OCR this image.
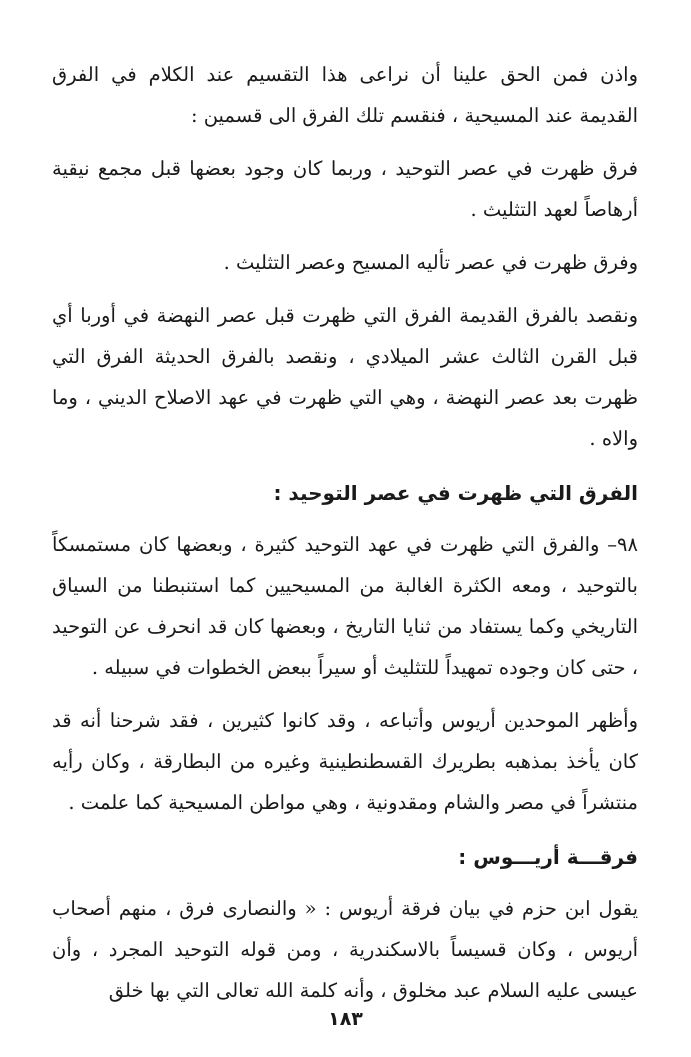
واذن فمن الحق علينا أن نراعى هذا التقسيم عند الكلام في الفرق القديمة عند المسيحية ، فنقسم تلك الفرق الى قسمين :

فرق ظهرت في عصر التوحيد ، وربما كان وجود بعضها قبل مجمع نيقية أرهاصاً لعهد التثليث .

وفرق ظهرت في عصر تأليه المسيح وعصر التثليث .

ونقصد بالفرق القديمة الفرق التي ظهرت قبل عصر النهضة في أوربا أي قبل القرن الثالث عشر الميلادي ، ونقصد بالفرق الحديثة الفرق التي ظهرت بعد عصر النهضة ، وهي التي ظهرت في عهد الاصلاح الديني ، وما والاه .

الفرق التي ظهرت في عصر التوحيد :

٩٨– والفرق التي ظهرت في عهد التوحيد كثيرة ، وبعضها كان مستمسكاً بالتوحيد ، ومعه الكثرة الغالبة من المسيحيين كما استنبطنا من السياق التاريخي وكما يستفاد من ثنايا التاريخ ، وبعضها كان قد انحرف عن التوحيد ، حتى كان وجوده تمهيداً للتثليث أو سيراً ببعض الخطوات في سبيله .

وأظهر الموحدين أريوس وأتباعه ، وقد كانوا كثيرين ، فقد شرحنا أنه قد كان يأخذ بمذهبه بطريرك القسطنطينية وغيره من البطارقة ، وكان رأيه منتشراً في مصر والشام ومقدونية ، وهي مواطن المسيحية كما علمت .

فرقـــة أريـــوس :

يقول ابن حزم في بيان فرقة أريوس : « والنصارى فرق ، منهم أصحاب أريوس ، وكان قسيساً بالاسكندرية ، ومن قوله التوحيد المجرد ، وأن عيسى عليه السلام عبد مخلوق ، وأنه كلمة الله تعالى التي بها خلق

١٨٣
